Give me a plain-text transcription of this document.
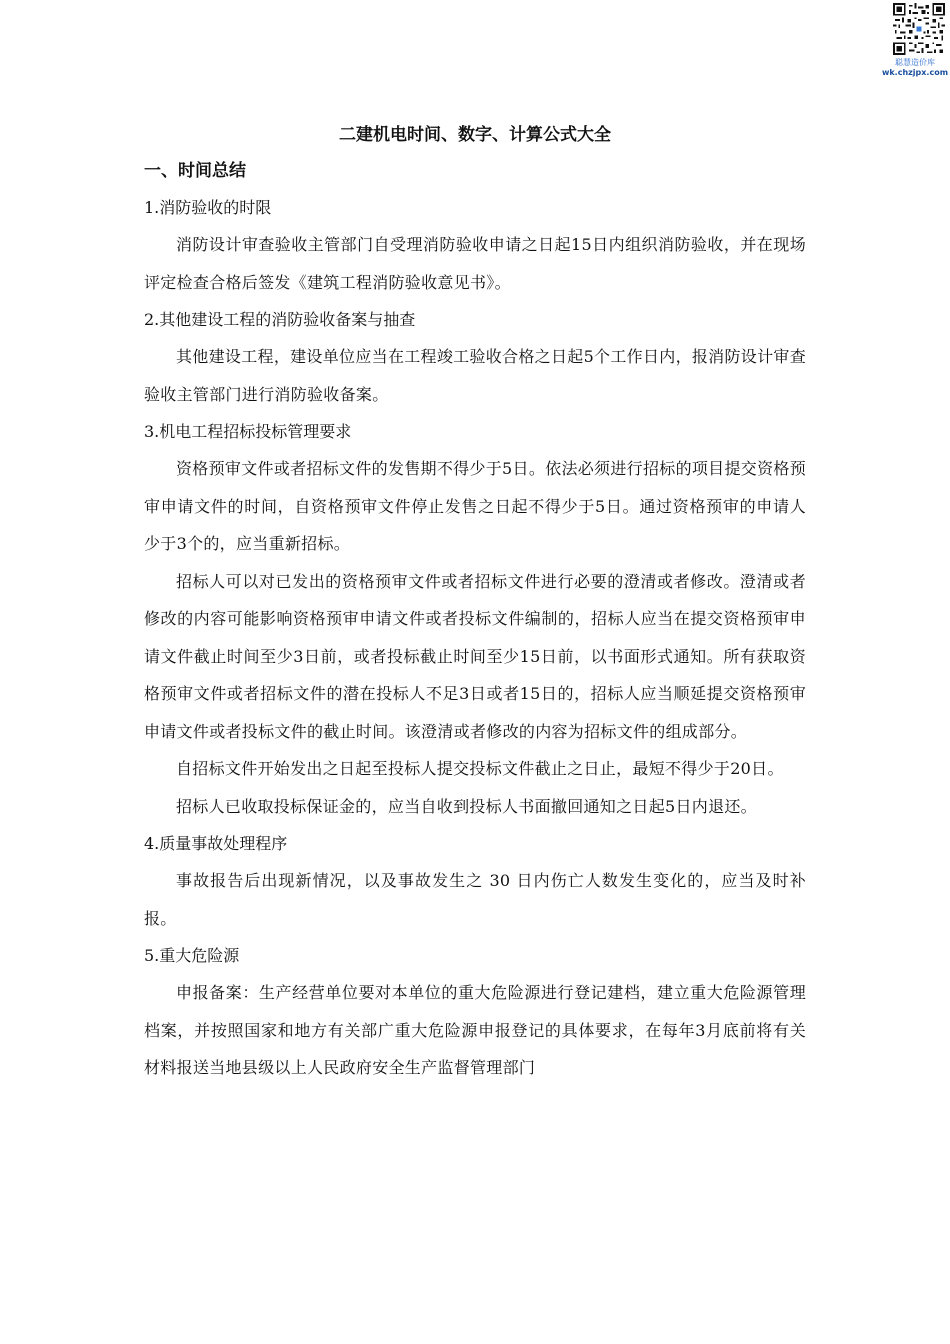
聪慧造价库
wk.chzjpx.com
二建机电时间、数字、计算公式大全
一、时间总结
1.消防验收的时限

消防设计审查验收主管部门自受理消防验收申请之日起15日内组织消防验收，并在现场评定检查合格后签发《建筑工程消防验收意见书》。

2.其他建设工程的消防验收备案与抽查

其他建设工程，建设单位应当在工程竣工验收合格之日起5个工作日内，报消防设计审查验收主管部门进行消防验收备案。

3.机电工程招标投标管理要求

资格预审文件或者招标文件的发售期不得少于5日。依法必须进行招标的项目提交资格预审申请文件的时间，自资格预审文件停止发售之日起不得少于5日。通过资格预审的申请人少于3个的，应当重新招标。

招标人可以对已发出的资格预审文件或者招标文件进行必要的澄清或者修改。澄清或者修改的内容可能影响资格预审申请文件或者投标文件编制的，招标人应当在提交资格预审申请文件截止时间至少3日前，或者投标截止时间至少15日前，以书面形式通知。所有获取资格预审文件或者招标文件的潜在投标人不足3日或者15日的，招标人应当顺延提交资格预审申请文件或者投标文件的截止时间。该澄清或者修改的内容为招标文件的组成部分。

自招标文件开始发出之日起至投标人提交投标文件截止之日止，最短不得少于20日。

招标人已收取投标保证金的，应当自收到投标人书面撤回通知之日起5日内退还。

4.质量事故处理程序

事故报告后出现新情况，以及事故发生之 30 日内伤亡人数发生变化的，应当及时补报。

5.重大危险源

申报备案：生产经营单位要对本单位的重大危险源进行登记建档，建立重大危险源管理档案，并按照国家和地方有关部广重大危险源申报登记的具体要求，在每年3月底前将有关材料报送当地县级以上人民政府安全生产监督管理部门
